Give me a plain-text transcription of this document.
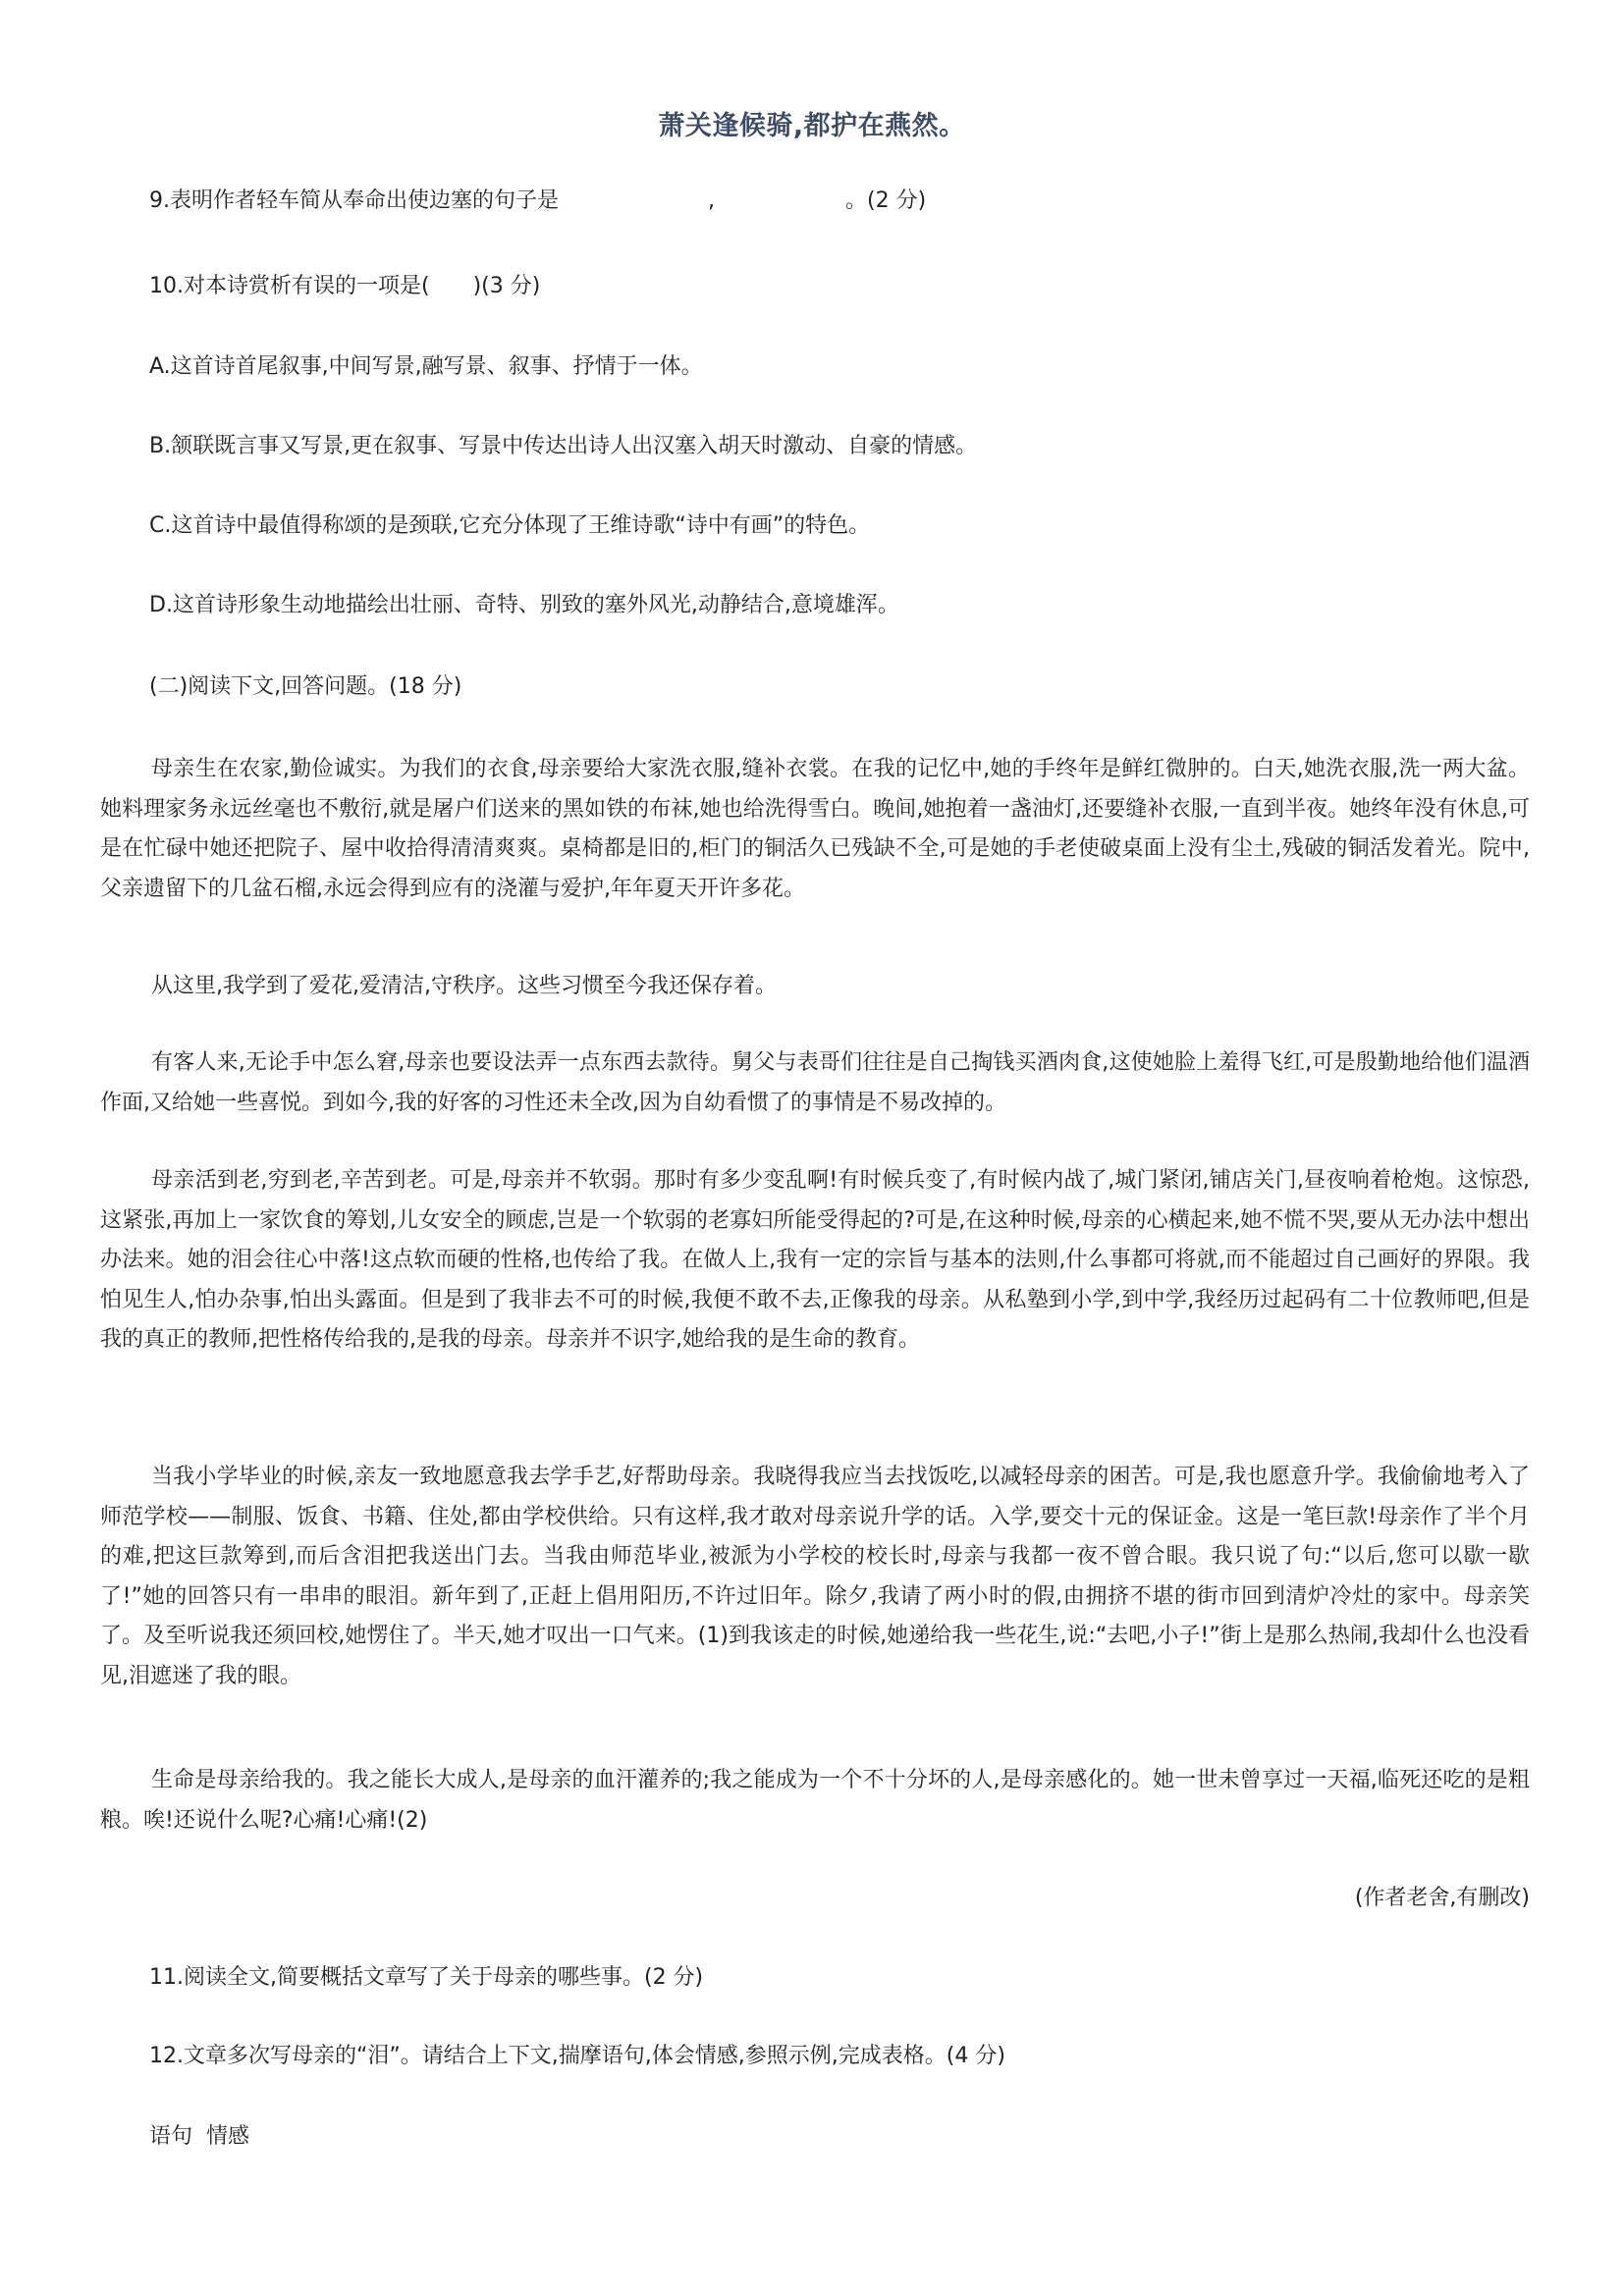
萧关逢候骑,都护在燕然。
9.表明作者轻车简从奉命出使边塞的句子是	,	。(2 分)
10.对本诗赏析有误的一项是(　　)(3 分)
A.这首诗首尾叙事,中间写景,融写景、叙事、抒情于一体。
B.颔联既言事又写景,更在叙事、写景中传达出诗人出汉塞入胡天时激动、自豪的情感。
C.这首诗中最值得称颂的是颈联,它充分体现了王维诗歌“诗中有画”的特色。
D.这首诗形象生动地描绘出壮丽、奇特、别致的塞外风光,动静结合,意境雄浑。
(二)阅读下文,回答问题。(18 分)

母亲生在农家,勤俭诚实。为我们的衣食,母亲要给大家洗衣服,缝补衣裳。在我的记忆中,她的手终年是鲜红微肿的。白天,她洗衣服,洗一两大盆。她料理家务永远丝毫也不敷衍,就是屠户们送来的黑如铁的布袜,她也给洗得雪白。晚间,她抱着一盏油灯,还要缝补衣服,一直到半夜。她终年没有休息,可是在忙碌中她还把院子、屋中收拾得清清爽爽。桌椅都是旧的,柜门的铜活久已残缺不全,可是她的手老使破桌面上没有尘土,残破的铜活发着光。院中,父亲遗留下的几盆石榴,永远会得到应有的浇灌与爱护,年年夏天开许多花。

从这里,我学到了爱花,爱清洁,守秩序。这些习惯至今我还保存着。

有客人来,无论手中怎么窘,母亲也要设法弄一点东西去款待。舅父与表哥们往往是自己掏钱买酒肉食,这使她脸上羞得飞红,可是殷勤地给他们温酒作面,又给她一些喜悦。到如今,我的好客的习性还未全改,因为自幼看惯了的事情是不易改掉的。

母亲活到老,穷到老,辛苦到老。可是,母亲并不软弱。那时有多少变乱啊!有时候兵变了,有时候内战了,城门紧闭,铺店关门,昼夜响着枪炮。这惊恐,这紧张,再加上一家饮食的筹划,儿女安全的顾虑,岂是一个软弱的老寡妇所能受得起的?可是,在这种时候,母亲的心横起来,她不慌不哭,要从无办法中想出办法来。她的泪会往心中落!这点软而硬的性格,也传给了我。在做人上,我有一定的宗旨与基本的法则,什么事都可将就,而不能超过自己画好的界限。我怕见生人,怕办杂事,怕出头露面。但是到了我非去不可的时候,我便不敢不去,正像我的母亲。从私塾到小学,到中学,我经历过起码有二十位教师吧,但是我的真正的教师,把性格传给我的,是我的母亲。母亲并不识字,她给我的是生命的教育。

当我小学毕业的时候,亲友一致地愿意我去学手艺,好帮助母亲。我晓得我应当去找饭吃,以减轻母亲的困苦。可是,我也愿意升学。我偷偷地考入了师范学校——制服、饭食、书籍、住处,都由学校供给。只有这样,我才敢对母亲说升学的话。入学,要交十元的保证金。这是一笔巨款!母亲作了半个月的难,把这巨款筹到,而后含泪把我送出门去。当我由师范毕业,被派为小学校的校长时,母亲与我都一夜不曾合眼。我只说了句:“以后,您可以歇一歇了!”她的回答只有一串串的眼泪。新年到了,正赶上倡用阳历,不许过旧年。除夕,我请了两小时的假,由拥挤不堪的街市回到清炉冷灶的家中。母亲笑了。及至听说我还须回校,她愣住了。半天,她才叹出一口气来。(1)到我该走的时候,她递给我一些花生,说:“去吧,小子!”街上是那么热闹,我却什么也没看见,泪遮迷了我的眼。

生命是母亲给我的。我之能长大成人,是母亲的血汗灌养的;我之能成为一个不十分坏的人,是母亲感化的。她一世未曾享过一天福,临死还吃的是粗粮。唉!还说什么呢?心痛!心痛!(2)

(作者老舍,有删改)
11.阅读全文,简要概括文章写了关于母亲的哪些事。(2 分)
12.文章多次写母亲的“泪”。请结合上下文,揣摩语句,体会情感,参照示例,完成表格。(4 分)
语句  情感
